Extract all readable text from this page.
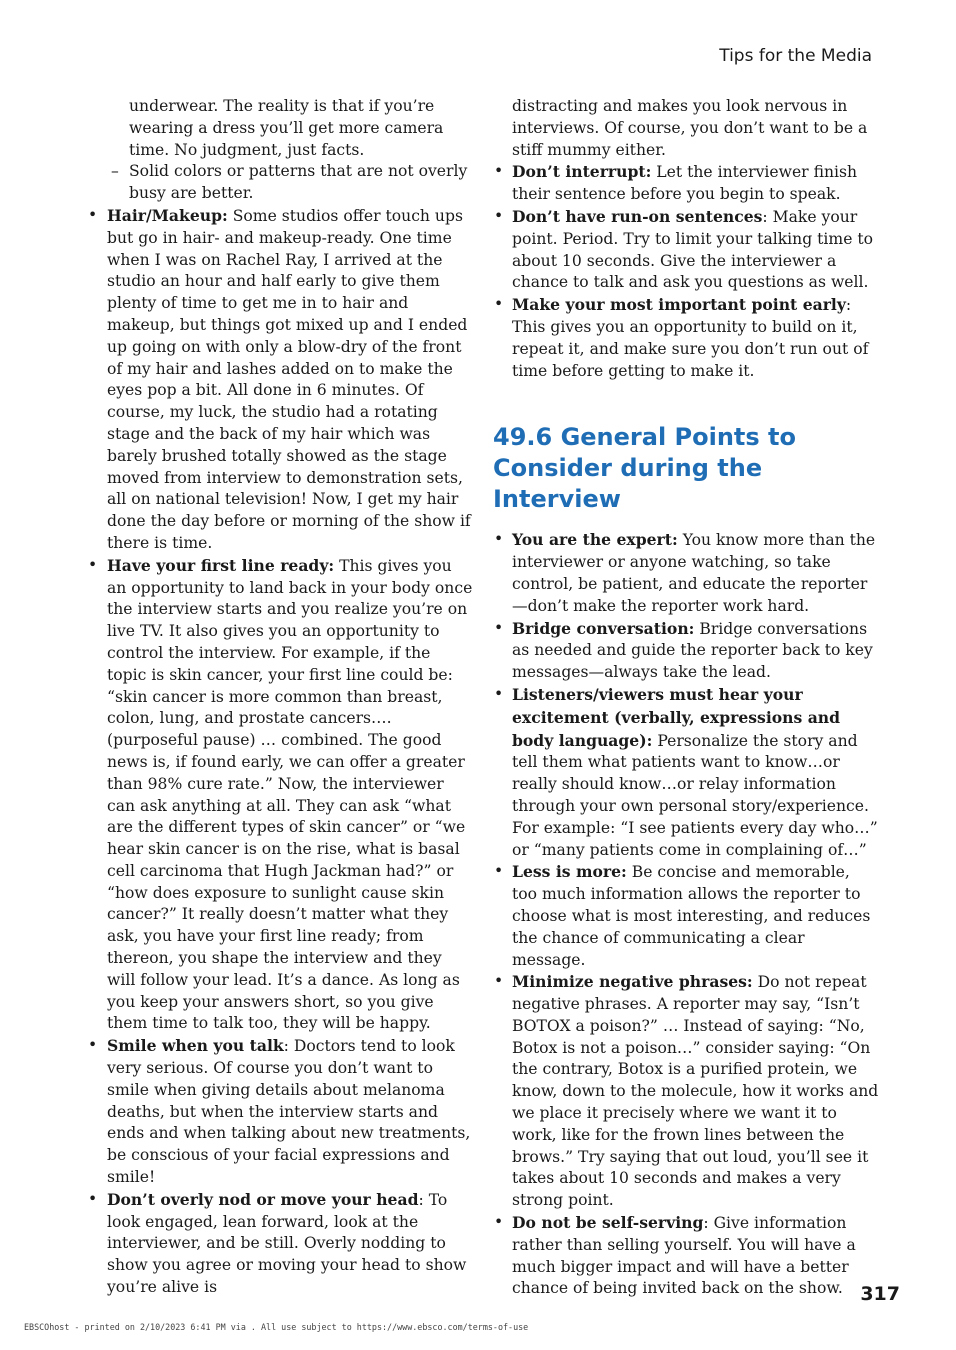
Tips for the Media

underwear. The reality is that if you’re wearing a dress you’ll get more camera time. No judgment, just facts.

– Solid colors or patterns that are not overly busy are better.
• Hair/Makeup: Some studios offer touch ups but go in hair- and makeup-ready. One time when I was on Rachel Ray, I arrived at the studio an hour and half early to give them plenty of time to get me in to hair and makeup, but things got mixed up and I ended up going on with only a blow-dry of the front of my hair and lashes added on to make the eyes pop a bit. All done in 6 minutes. Of course, my luck, the studio had a rotating stage and the back of my hair which was barely brushed totally showed as the stage moved from interview to demonstration sets, all on national television! Now, I get my hair done the day before or morning of the show if there is time.
• Have your first line ready: This gives you an opportunity to land back in your body once the interview starts and you realize you’re on live TV. It also gives you an opportunity to control the interview. For example, if the topic is skin cancer, your first line could be: “skin cancer is more common than breast, colon, lung, and prostate cancers…. (purposeful pause) … combined. The good news is, if found early, we can offer a greater than 98% cure rate.” Now, the interviewer can ask anything at all. They can ask “what are the different types of skin cancer” or “we hear skin cancer is on the rise, what is basal cell carcinoma that Hugh Jackman had?” or “how does exposure to sunlight cause skin cancer?” It really doesn’t matter what they ask, you have your first line ready; from thereon, you shape the interview and they will follow your lead. It’s a dance. As long as you keep your answers short, so you give them time to talk too, they will be happy.
• Smile when you talk: Doctors tend to look very serious. Of course you don’t want to smile when giving details about melanoma deaths, but when the interview starts and ends and when talking about new treatments, be conscious of your facial expressions and smile!
• Don’t overly nod or move your head: To look engaged, lean forward, look at the interviewer, and be still. Overly nodding to show you agree or moving your head to show you’re alive is

distracting and makes you look nervous in interviews. Of course, you don’t want to be a stiff mummy either.

• Don’t interrupt: Let the interviewer finish their sentence before you begin to speak.
• Don’t have run-on sentences: Make your point. Period. Try to limit your talking time to about 10 seconds. Give the interviewer a chance to talk and ask you questions as well.
• Make your most important point early: This gives you an opportunity to build on it, repeat it, and make sure you don’t run out of time before getting to make it.
49.6 General Points to Consider during the Interview
• You are the expert: You know more than the interviewer or anyone watching, so take control, be patient, and educate the reporter—don’t make the reporter work hard.
• Bridge conversation: Bridge conversations as needed and guide the reporter back to key messages—always take the lead.
• Listeners/viewers must hear your excitement (verbally, expressions and body language): Personalize the story and tell them what patients want to know…or really should know…or relay information through your own personal story/experience. For example: “I see patients every day who…” or “many patients come in complaining of…”
• Less is more: Be concise and memorable, too much information allows the reporter to choose what is most interesting, and reduces the chance of communicating a clear message.
• Minimize negative phrases: Do not repeat negative phrases. A reporter may say, “Isn’t BOTOX a poison?” … Instead of saying: “No, Botox is not a poison…” consider saying: “On the contrary, Botox is a purified protein, we know, down to the molecule, how it works and we place it precisely where we want it to work, like for the frown lines between the brows.” Try saying that out loud, you’ll see it takes about 10 seconds and makes a very strong point.
• Do not be self-serving: Give information rather than selling yourself. You will have a much bigger impact and will have a better chance of being invited back on the show. 317
EBSCOhost - printed on 2/10/2023 6:41 PM via . All use subject to https://www.ebsco.com/terms-of-use
